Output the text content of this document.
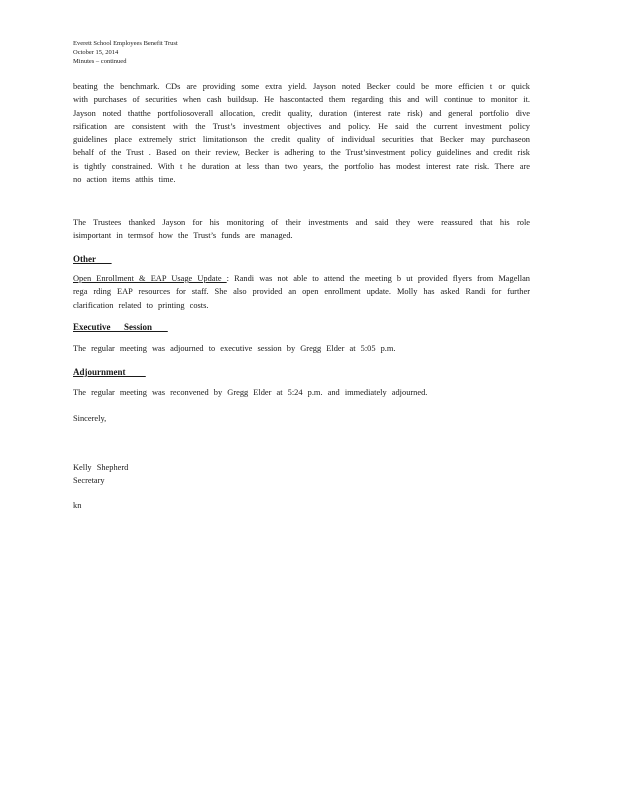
Everett School Employees Benefit Trust
October 15, 2014
Minutes – continued
beating the benchmark. CDs are providing some extra yield. Jayson noted Becker could be more efficien t or quick with purchases of securities when cash buildsup. He hascontacted them regarding this and will continue to monitor it. Jayson noted thatthe portfoliosoverall allocation, credit quality, duration (interest rate risk) and general portfolio dive rsification are consistent with the Trust’s investment objectives and policy. He said the current investment policy guidelines place extremely strict limitationson the credit quality of individual securities that Becker may purchaseon behalf of the Trust . Based on their review, Becker is adhering to the Trust’sinvestment policy guidelines and credit risk is tightly constrained. With t he duration at less than two years, the portfolio has modest interest rate risk. There are no action items atthis time.
The Trustees thanked Jayson for his monitoring of their investments and said they were reassured that his role isimportant in termsof how the Trust’s funds are managed.
Other
Open Enrollment & EAP Usage Update : Randi was not able to attend the meeting b ut provided flyers from Magellan rega rding EAP resources for staff. She also provided an open enrollment update. Molly has asked Randi for further clarification related to printing costs.
Executive      Session
The regular meeting was adjourned to executive session by Gregg Elder at 5:05 p.m.
Adjournment
The regular meeting was reconvened by Gregg Elder at 5:24 p.m. and immediately adjourned.
Sincerely,
Kelly Shepherd
Secretary
kn
